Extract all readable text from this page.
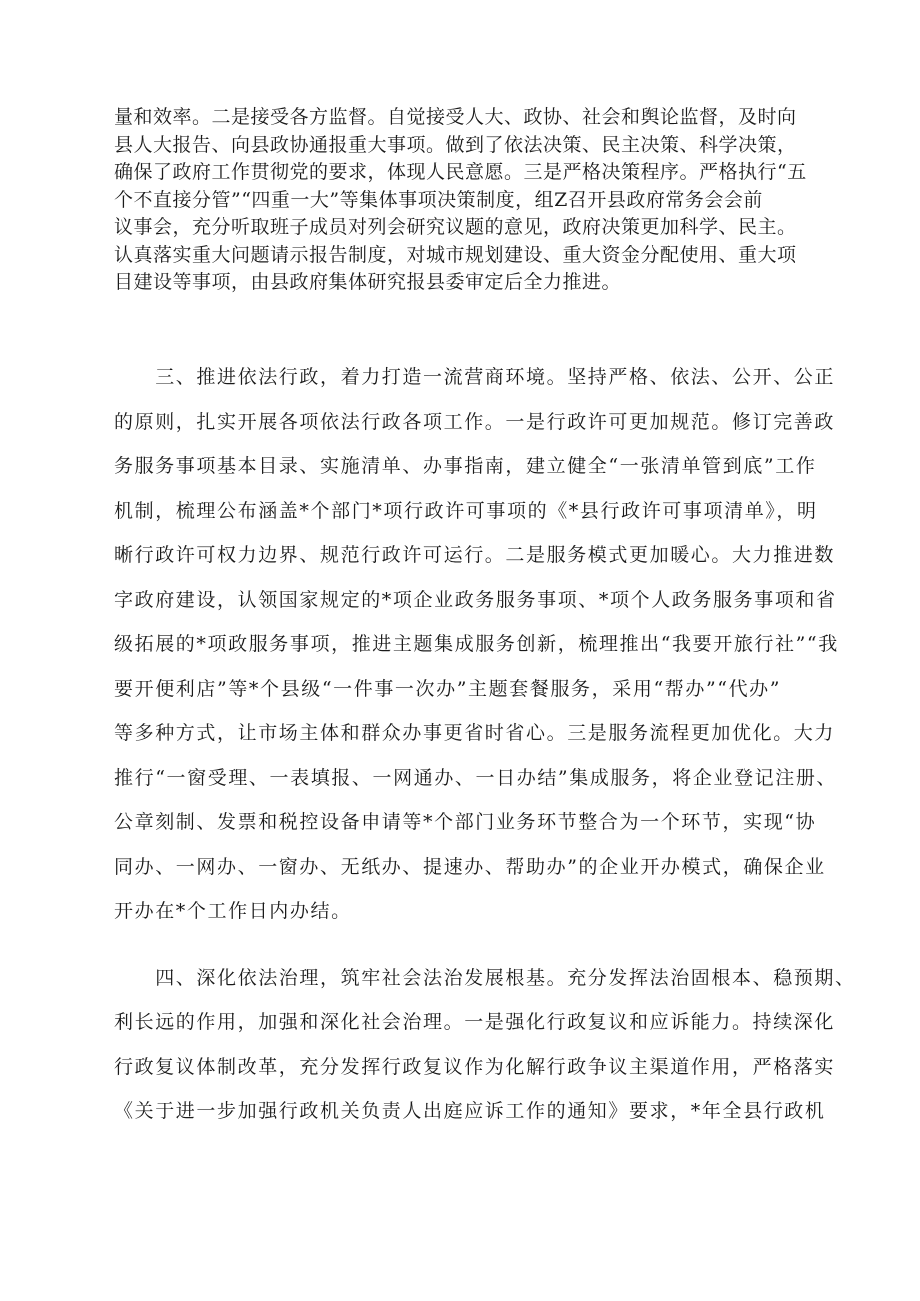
量和效率。二是接受各方监督。自觉接受人大、政协、社会和舆论监督，及时向
县人大报告、向县政协通报重大事项。做到了依法决策、民主决策、科学决策，
确保了政府工作贯彻党的要求，体现人民意愿。三是严格决策程序。严格执行“五
个不直接分管”“四重一大”等集体事项决策制度，组Z召开县政府常务会会前
议事会，充分听取班子成员对列会研究议题的意见，政府决策更加科学、民主。
认真落实重大问题请示报告制度，对城市规划建设、重大资金分配使用、重大项
目建设等事项，由县政府集体研究报县委审定后全力推进。
　　三、推进依法行政，着力打造一流营商环境。坚持严格、依法、公开、公正
的原则，扎实开展各项依法行政各项工作。一是行政许可更加规范。修订完善政
务服务事项基本目录、实施清单、办事指南，建立健全“一张清单管到底”工作
机制，梳理公布涵盖*个部门*项行政许可事项的《*县行政许可事项清单》，明
晰行政许可权力边界、规范行政许可运行。二是服务模式更加暖心。大力推进数
字政府建设，认领国家规定的*项企业政务服务事项、*项个人政务服务事项和省
级拓展的*项政服务事项，推进主题集成服务创新，梳理推出“我要开旅行社”“我
要开便利店”等*个县级“一件事一次办”主题套餐服务，采用“帮办”“代办”
等多种方式，让市场主体和群众办事更省时省心。三是服务流程更加优化。大力
推行“一窗受理、一表填报、一网通办、一日办结”集成服务，将企业登记注册、
公章刻制、发票和税控设备申请等*个部门业务环节整合为一个环节，实现“协
同办、一网办、一窗办、无纸办、提速办、帮助办”的企业开办模式，确保企业
开办在*个工作日内办结。
　　四、深化依法治理，筑牢社会法治发展根基。充分发挥法治固根本、稳预期、
利长远的作用，加强和深化社会治理。一是强化行政复议和应诉能力。持续深化
行政复议体制改革，充分发挥行政复议作为化解行政争议主渠道作用，严格落实
《关于进一步加强行政机关负责人出庭应诉工作的通知》要求，*年全县行政机
